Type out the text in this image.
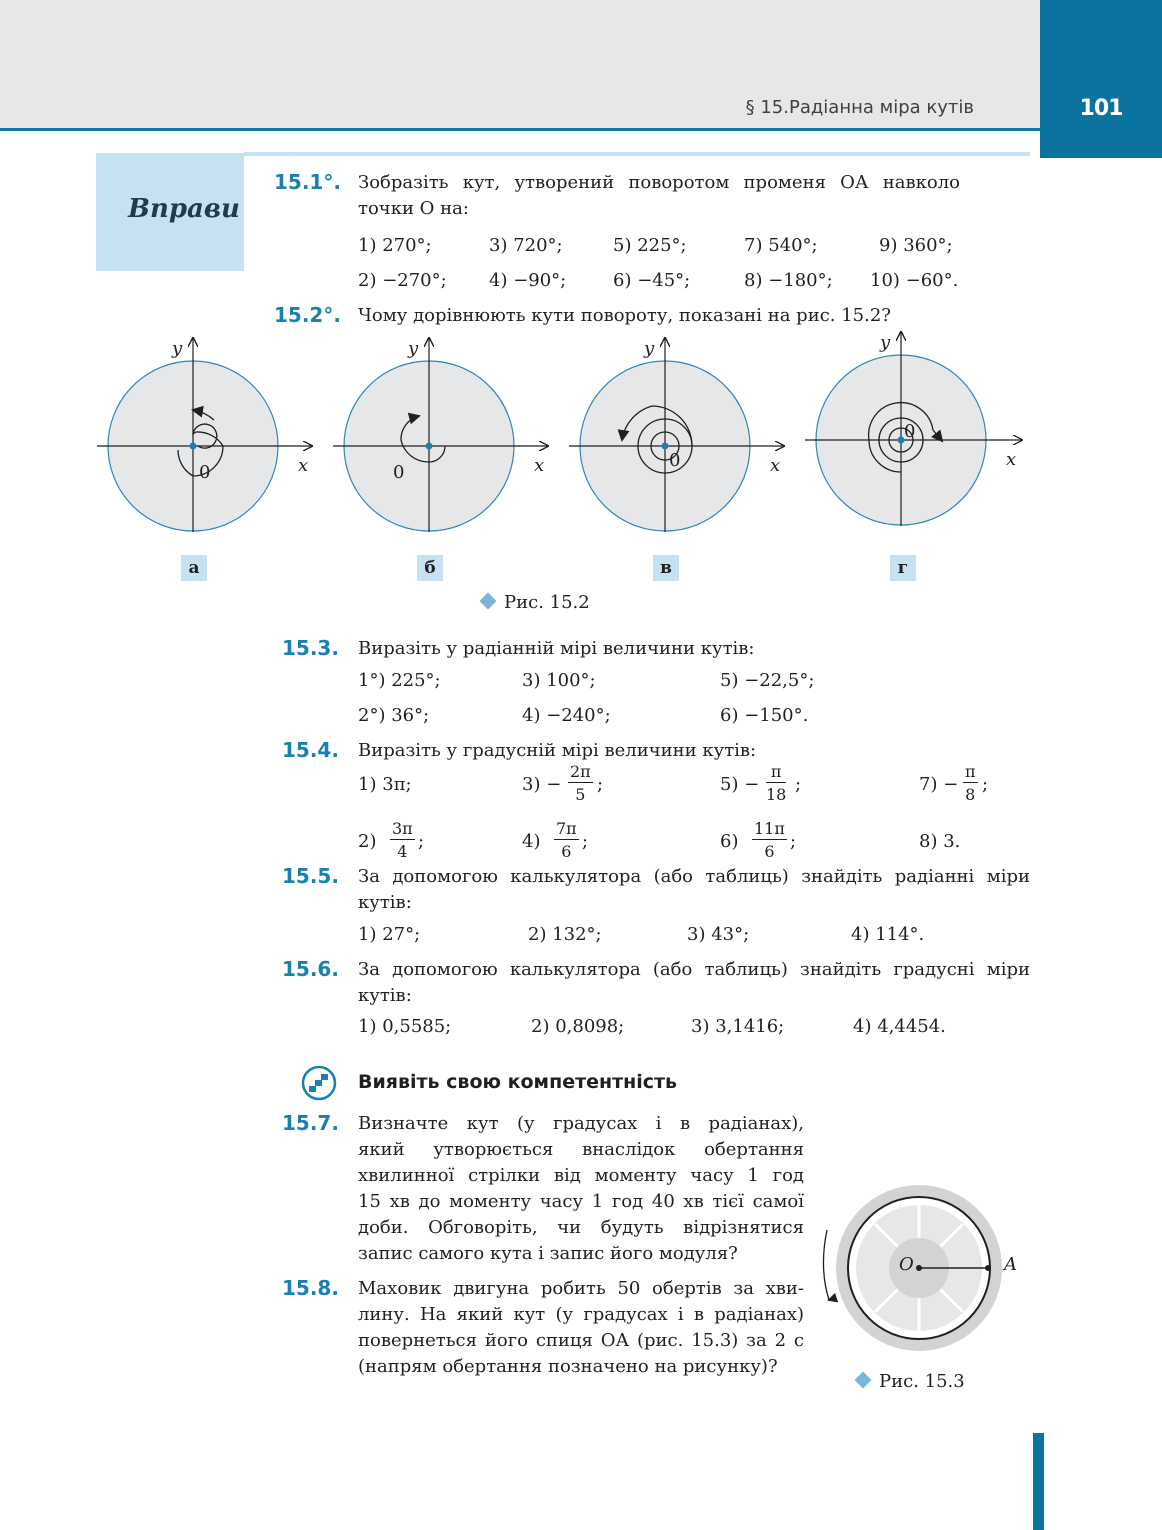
101
§ 15.Радіанна міра кутів
Вправи
15.1°. Зобразіть кут, утворений поворотом променя ОА навколо
точки О на:
1) 270°;	3) 720°;	5) 225°;	7) 540°;	9) 360°;
2) −270°; 4) −90°;	6) −45°;	8) −180°; 10) −60°.
15.2°. Чому дорівнюють кути повороту, показані на рис. 15.2?
y
x
0
y
x
0
y
x
0
y
x
0
а	б	в	г
Рис. 15.2
15.3. Виразіть у радіанній мірі величини кутів:
1°) 225°;	3) 100°;	5) −22,5°;
2°) 36°;	4) −240°;	6) −150°.
15.4. Виразіть у градусній мірі величини кутів:
1) 3π;	$3) - \frac{2\pi}{5}$ ;	$5) - \frac{\pi}{18}$ ;	$7) - \frac{\pi}{8}$ ;
$2) \frac{3\pi}{4}$ ;	$4) \frac{7\pi}{6}$ ;	$6) \frac{11\pi}{6}$ ;	8) 3.
15.5. За допомогою калькулятора (або таблиць) знайдіть радіанні міри
кутів:
1) 27°;	2) 132°;	3) 43°;	4) 114°.
15.6. За допомогою калькулятора (або таблиць) знайдіть градусні міри
кутів:
1) 0,5585;	2) 0,8098;	3) 3,1416;	4) 4,4454.
Виявіть свою компетентність
15.7. Визначте кут (у градусах і в радіанах),
який утворюється внаслідок обертання
хвилинної стрілки від моменту часу 1 год
15 хв до моменту часу 1 год 40 хв тієї самої
доби. Обговоріть, чи будуть відрізнятися
запис самого кута і запис його модуля?
15.8. Маховик двигуна робить 50 обертів за хви-
лину. На який кут (у градусах і в радіанах)
повернеться його спиця ОА (рис. 15.3) за 2 с
(напрям обертання позначено на рисунку)?
O	A
Рис. 15.3
